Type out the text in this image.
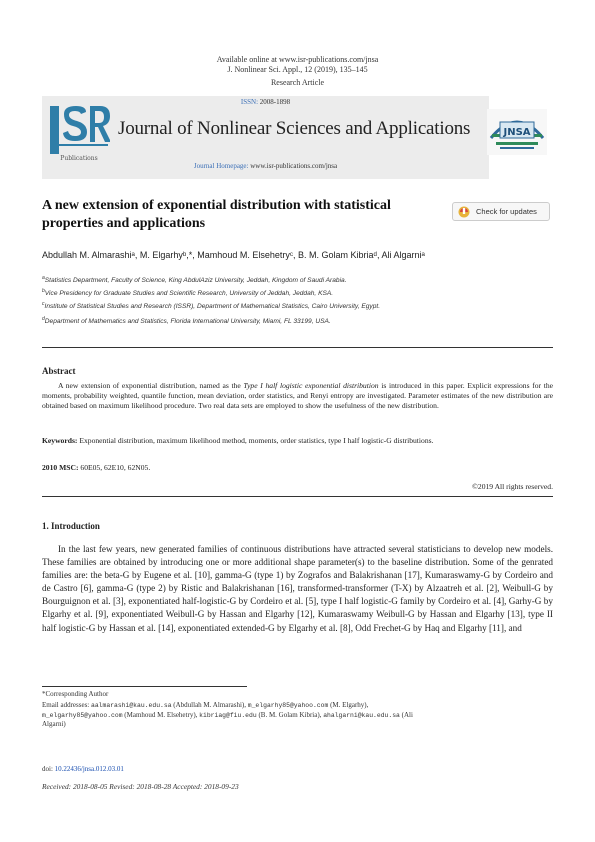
Available online at www.isr-publications.com/jnsa
J. Nonlinear Sci. Appl., 12 (2019), 135–145
Research Article
ISSN: 2008-1898
Journal of Nonlinear Sciences and Applications
Journal Homepage: www.isr-publications.com/jnsa
Publications
JNSA
A new extension of exponential distribution with statistical
properties and applications
Check for updates
Abdullah M. Almarashiᵃ, M. Elgarhyᵇ,*, Mamhoud M. Elsehetryᶜ, B. M. Golam Kibriaᵈ, Ali Algarniᵃ
$^a$Statistics Department, Faculty of Science, King AbdulAziz University, Jeddah, Kingdom of Saudi Arabia.
$^b$Vice Presidency for Graduate Studies and Scientific Research, University of Jeddah, Jeddah, KSA.
$^c$Institute of Statistical Studies and Research (ISSR), Department of Mathematical Statistics, Cairo University, Egypt.
$^d$Department of Mathematics and Statistics, Florida International University, Miami, FL 33199, USA.
Abstract
A new extension of exponential distribution, named as the Type I half logistic exponential distribution is introduced in this paper. Explicit expressions for the moments, probability weighted, quantile function, mean deviation, order statistics, and Renyi entropy are investigated. Parameter estimates of the new distribution are obtained based on maximum likelihood procedure. Two real data sets are employed to show the usefulness of the new distribution.
Keywords: Exponential distribution, maximum likelihood method, moments, order statistics, type I half logistic-G distributions.
2010 MSC: 60E05, 62E10, 62N05.
©2019 All rights reserved.
1. Introduction
In the last few years, new generated families of continuous distributions have attracted several statisticians to develop new models. These families are obtained by introducing one or more additional shape parameter(s) to the baseline distribution. Some of the genrated families are: the beta-G by Eugene et al. [10], gamma-G (type 1) by Zografos and Balakrishanan [17], Kumaraswamy-G by Cordeiro and de Castro [6], gamma-G (type 2) by Ristic and Balakrishanan [16], transformed-transformer (T-X) by Alzaatreh et al. [2], Weibull-G by Bourguignon et al. [3], exponentiated half-logistic-G by Cordeiro et al. [5], type I half logistic-G family by Cordeiro et al. [4], Garhy-G by Elgarhy et al. [9], exponentiated Weibull-G by Hassan and Elgarhy [12], Kumaraswamy Weibull-G by Hassan and Elgarhy [13], type II half logistic-G by Hassan et al. [14], exponentiated extended-G by Elgarhy et al. [8], Odd Frechet-G by Haq and Elgarhy [11], and
*Corresponding Author
Email addresses: aalmarashi@kau.edu.sa (Abdullah M. Almarashi), m_elgarhy85@yahoo.com (M. Elgarhy),
m_elgarhy85@yahoo.com (Mamhoud M. Elsehetry), kibriag@fiu.edu (B. M. Golam Kibria), ahalgarni@kau.edu.sa (Ali
Algarni)
doi: 10.22436/jnsa.012.03.01
Received: 2018-08-05 Revised: 2018-08-28 Accepted: 2018-09-23
